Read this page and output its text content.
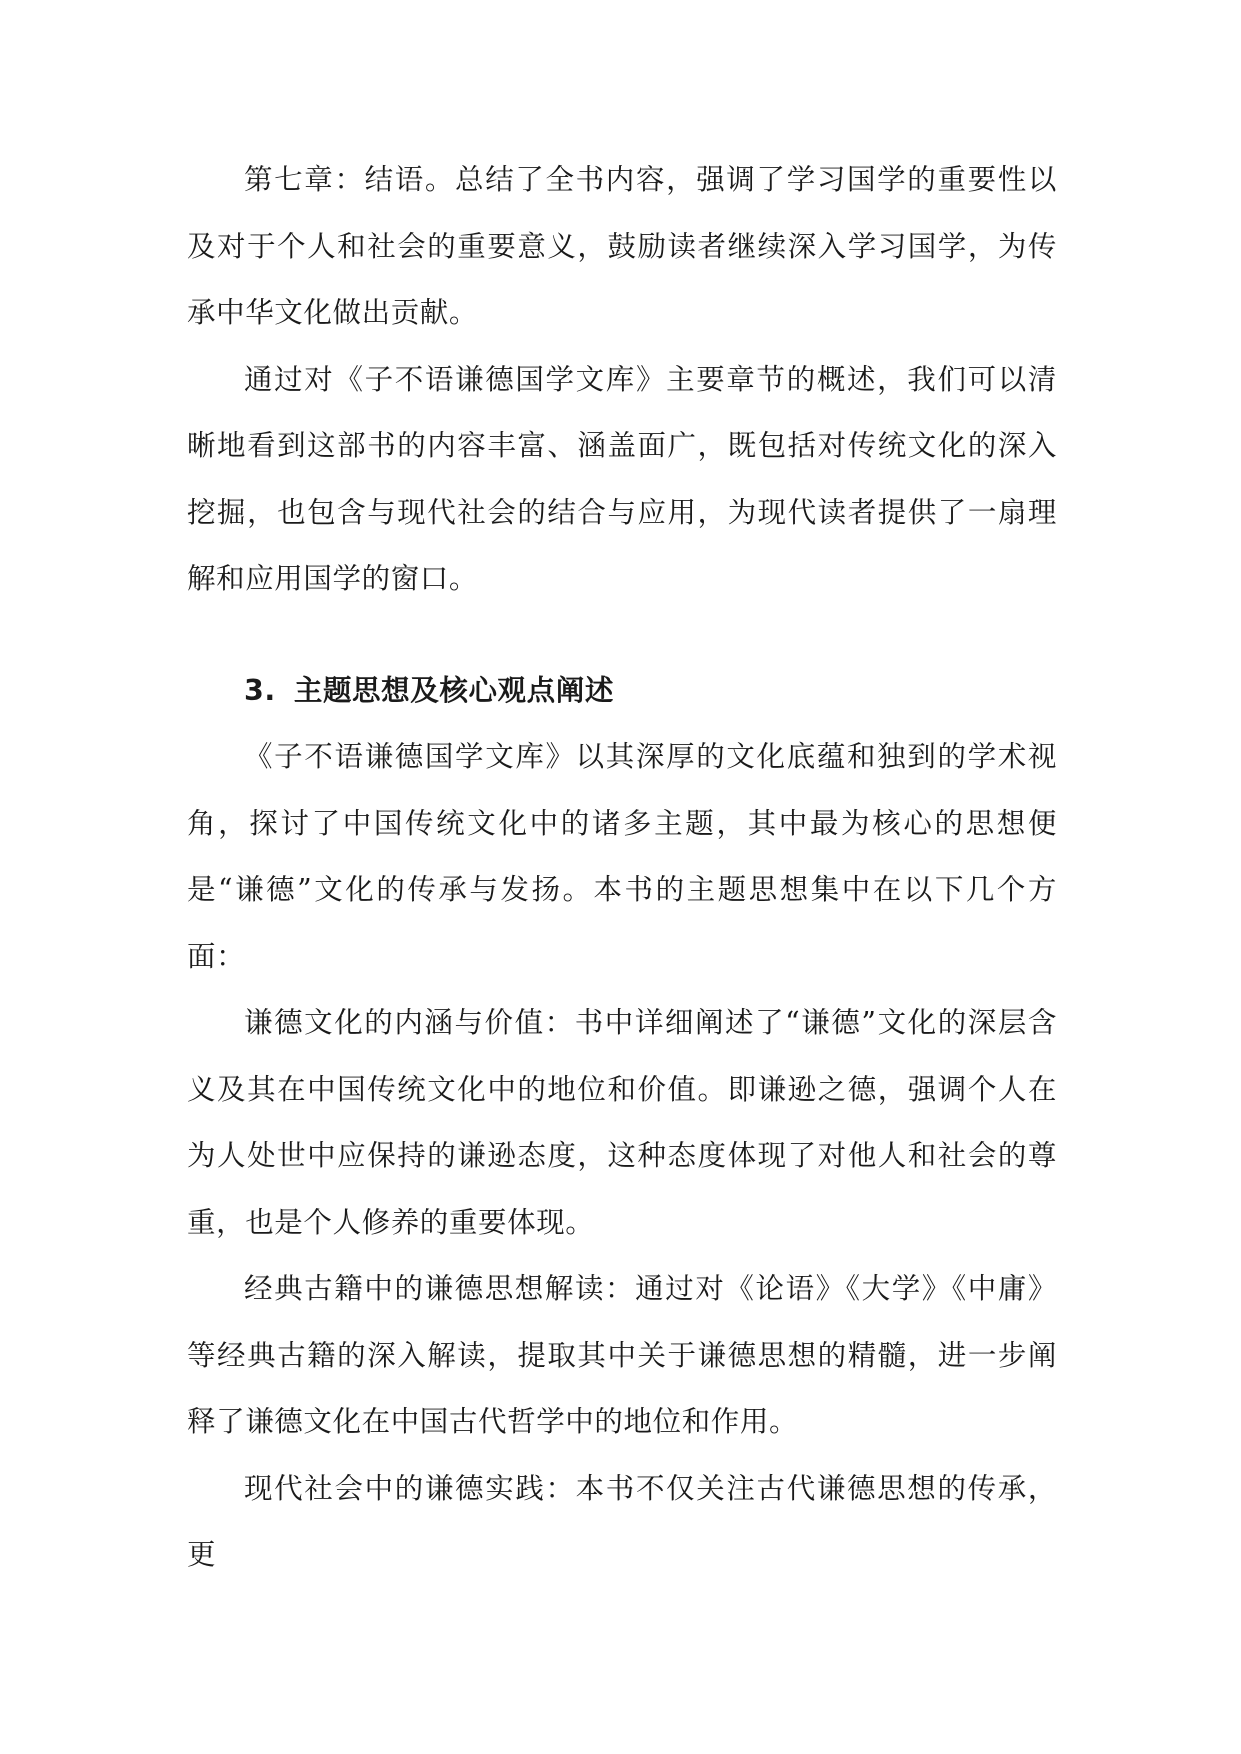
第七章：结语。总结了全书内容，强调了学习国学的重要性以及对于个人和社会的重要意义，鼓励读者继续深入学习国学，为传承中华文化做出贡献。

通过对《子不语谦德国学文库》主要章节的概述，我们可以清晰地看到这部书的内容丰富、涵盖面广，既包括对传统文化的深入挖掘，也包含与现代社会的结合与应用，为现代读者提供了一扇理解和应用国学的窗口。

3. 主题思想及核心观点阐述

《子不语谦德国学文库》以其深厚的文化底蕴和独到的学术视角，探讨了中国传统文化中的诸多主题，其中最为核心的思想便是“谦德”文化的传承与发扬。本书的主题思想集中在以下几个方面：

谦德文化的内涵与价值：书中详细阐述了“谦德”文化的深层含义及其在中国传统文化中的地位和价值。即谦逊之德，强调个人在为人处世中应保持的谦逊态度，这种态度体现了对他人和社会的尊重，也是个人修养的重要体现。

经典古籍中的谦德思想解读：通过对《论语》《大学》《中庸》等经典古籍的深入解读，提取其中关于谦德思想的精髓，进一步阐释了谦德文化在中国古代哲学中的地位和作用。

现代社会中的谦德实践：本书不仅关注古代谦德思想的传承，更
